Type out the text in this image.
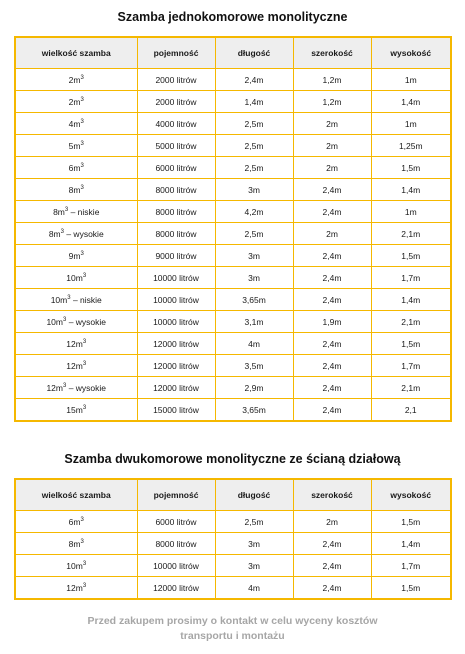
Szamba jednokomorowe monolityczne
wielkość szamba	pojemność	długość	szerokość	wysokość
$2m^3$	2000 litrów	2,4m	1,2m	1m
$2m^3$	2000 litrów	1,4m	1,2m	1,4m
$4m^3$	4000 litrów	2,5m	2m	1m
$5m^3$	5000 litrów	2,5m	2m	1,25m
$6m^3$	6000 litrów	2,5m	2m	1,5m
$8m^3$	8000 litrów	3m	2,4m	1,4m
$8m^3$ – niskie	8000 litrów	4,2m	2,4m	1m
$8m^3$ – wysokie	8000 litrów	2,5m	2m	2,1m
$9m^3$	9000 litrów	3m	2,4m	1,5m
$10m^3$	10000 litrów	3m	2,4m	1,7m
$10m^3$ – niskie	10000 litrów	3,65m	2,4m	1,4m
$10m^3$ – wysokie	10000 litrów	3,1m	1,9m	2,1m
$12m^3$	12000 litrów	4m	2,4m	1,5m
$12m^3$	12000 litrów	3,5m	2,4m	1,7m
$12m^3$ – wysokie	12000 litrów	2,9m	2,4m	2,1m
$15m^3$	15000 litrów	3,65m	2,4m	2,1
Szamba dwukomorowe monolityczne ze ścianą działową
wielkość szamba	pojemność	długość	szerokość	wysokość
$6m^3$	6000 litrów	2,5m	2m	1,5m
$8m^3$	8000 litrów	3m	2,4m	1,4m
$10m^3$	10000 litrów	3m	2,4m	1,7m
$12m^3$	12000 litrów	4m	2,4m	1,5m
Przed zakupem prosimy o kontakt w celu wyceny kosztów
transportu i montażu
